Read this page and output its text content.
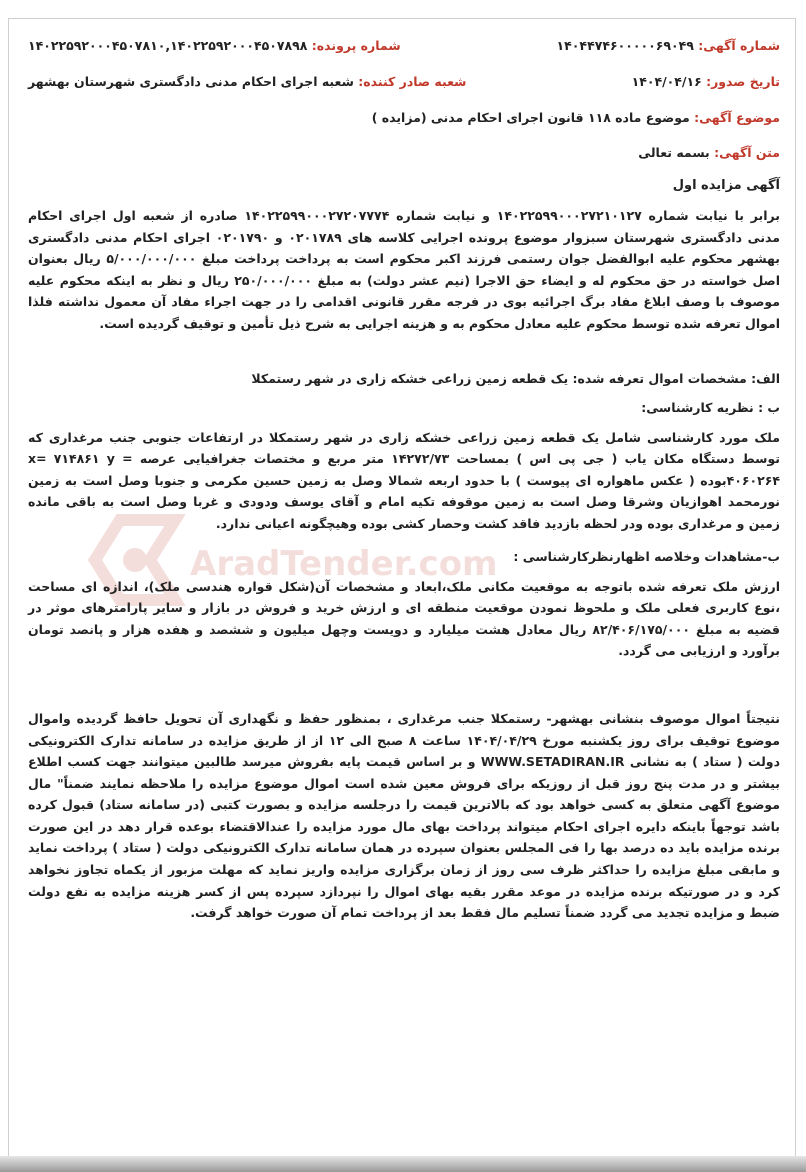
AradTender.com
شماره آگهی: ۱۴۰۴۴۷۴۶۰۰۰۰۰۶۹۰۴۹
شماره پرونده: ۱۴۰۲۲۵۹۲۰۰۰۴۵۰۷۸۱۰,۱۴۰۲۲۵۹۲۰۰۰۴۵۰۷۸۹۸
تاریخ صدور: ۱۴۰۴/۰۴/۱۶
شعبه صادر کننده: شعبه اجرای احکام مدنی دادگستری شهرستان بهشهر
موضوع آگهی: موضوع ماده ۱۱۸ قانون اجرای احکام مدنی (مزایده )
متن آگهی: بسمه تعالی
آگهی مزایده اول
برابر با نیابت شماره ۱۴۰۲۲۵۹۹۰۰۰۲۷۲۱۰۱۲۷ و نیابت شماره ۱۴۰۲۲۵۹۹۰۰۰۲۷۲۰۷۷۷۴ صادره از شعبه اول اجرای احکام مدنی دادگستری شهرستان سبزوار موضوع پرونده اجرایی کلاسه های ۰۲۰۱۷۸۹ و ۰۲۰۱۷۹۰ اجرای احکام مدنی دادگستری بهشهر محکوم علیه ابوالفضل جوان رستمی فرزند اکبر محکوم است به پرداخت پرداخت مبلغ ۵/۰۰۰/۰۰۰/۰۰۰ ریال بعنوان اصل خواسته در حق محکوم له و ایضاء حق الاجرا (نیم عشر دولت) به مبلغ ۲۵۰/۰۰۰/۰۰۰ ریال و نظر به اینکه محکوم علیه موصوف با وصف ابلاغ مفاد برگ اجرائیه بوی در فرجه مقرر قانونی اقدامی را در جهت اجراء مفاد آن معمول نداشته فلذا اموال تعرفه شده توسط محکوم علیه معادل محکوم به و هزینه اجرایی به شرح ذیل تأمین و توقیف گردیده است.
الف: مشخصات اموال تعرفه شده: یک قطعه زمین زراعی خشکه زاری در شهر رستمکلا
ب : نظریه کارشناسی:
ملک مورد کارشناسی شامل یک قطعه زمین زراعی خشکه زاری در شهر رستمکلا در ارتفاعات جنوبی جنب مرغداری که توسط دستگاه مکان یاب ( جی پی اس ) بمساحت ۱۴۲۷۲/۷۳ متر مربع و مختصات جغرافیایی عرصه x= ۷۱۴۸۶۱ y = ۴۰۶۰۲۶۴بوده ( عکس ماهواره ای پیوست ) با حدود اربعه شمالا وصل به زمین حسین مکرمی و جنوبا وصل است به زمین نورمحمد اهوازیان وشرقا وصل است به زمین موقوفه تکیه امام و آقای یوسف ودودی و غربا وصل است به باقی مانده زمین و مرغداری بوده ودر لحظه بازدید فاقد کشت وحصار کشی بوده وهیچگونه اعیانی ندارد.
ب-مشاهدات وخلاصه اظهارنظرکارشناسی :
ارزش ملک تعرفه شده باتوجه به موقعیت مکانی ملک،ابعاد و مشخصات آن(شکل قواره هندسی ملک)، اندازه ای مساحت ،نوع کاربری فعلی ملک و ملحوظ نمودن موقعیت منطقه ای و ارزش خرید و فروش در بازار و سایر پارامترهای موثر در قضیه به مبلغ ۸۲/۴۰۶/۱۷۵/۰۰۰ ریال معادل هشت میلیارد و دویست وچهل میلیون و ششصد و هفده هزار و پانصد تومان برآورد و ارزیابی می گردد.
نتیجتاً اموال موصوف بنشانی بهشهر- رستمکلا جنب مرغداری ، بمنظور حفظ و نگهداری آن تحویل حافظ گردیده واموال موضوع توقیف برای روز یکشنبه مورخ ۱۴۰۴/۰۴/۲۹ ساعت ۸ صبح الی ۱۲ از از طریق مزایده در سامانه تدارک الکترونیکی دولت ( ستاد ) به نشانی WWW.SETADIRAN.IR و بر اساس قیمت پایه بفروش میرسد طالبین میتوانند جهت کسب اطلاع بیشتر و در مدت پنج روز قبل از روزیکه برای فروش معین شده است اموال موضوع مزایده را ملاحظه نمایند ضمناً" مال موضوع آگهی متعلق به کسی خواهد بود که بالاترین قیمت را درجلسه مزایده و بصورت کتبی (در سامانه ستاد) قبول کرده باشد توجهاً باینکه دایره اجرای احکام میتواند پرداخت بهای مال مورد مزایده را عندالاقتضاء بوعده قرار دهد در این صورت برنده مزایده باید ده درصد بها را فی المجلس بعنوان سپرده در همان سامانه تدارک الکترونیکی دولت ( ستاد ) پرداخت نماید و مابقی مبلغ مزایده را حداکثر ظرف سی روز از زمان برگزاری مزایده واریز نماید که مهلت مزبور از یکماه تجاوز نخواهد کرد و در صورتیکه برنده مزایده در موعد مقرر بقیه بهای اموال را نپردازد سپرده پس از کسر هزینه مزایده به نفع دولت ضبط و مزایده تجدید می گردد ضمناً تسلیم مال فقط بعد از پرداخت تمام آن صورت خواهد گرفت.
